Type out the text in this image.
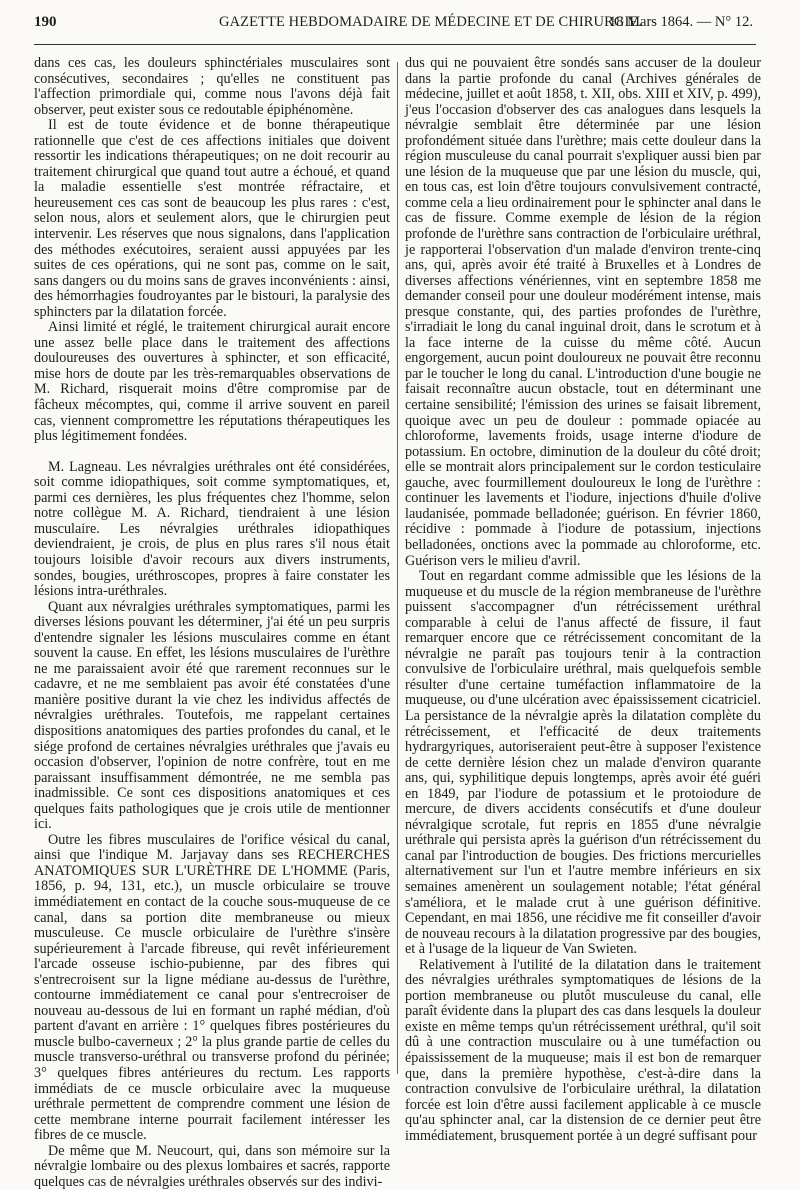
190	GAZETTE HEBDOMADAIRE DE MÉDECINE ET DE CHIRURGIE.
18 Mars 1864. — N° 12.

dans ces cas, les douleurs sphinctériales musculaires sont consécutives, secondaires ; qu'elles ne constituent pas l'affection primordiale qui, comme nous l'avons déjà fait observer, peut exister sous ce redoutable épiphénomène.

Il est de toute évidence et de bonne thérapeutique rationnelle que c'est de ces affections initiales que doivent ressortir les indications thérapeutiques; on ne doit recourir au traitement chirurgical que quand tout autre a échoué, et quand la maladie essentielle s'est montrée réfractaire, et heureusement ces cas sont de beaucoup les plus rares : c'est, selon nous, alors et seulement alors, que le chirurgien peut intervenir. Les réserves que nous signalons, dans l'application des méthodes exécutoires, seraient aussi appuyées par les suites de ces opérations, qui ne sont pas, comme on le sait, sans dangers ou du moins sans de graves inconvénients : ainsi, des hémorrhagies foudroyantes par le bistouri, la paralysie des sphincters par la dilatation forcée.

Ainsi limité et réglé, le traitement chirurgical aurait encore une assez belle place dans le traitement des affections douloureuses des ouvertures à sphincter, et son efficacité, mise hors de doute par les très-remarquables observations de M. Richard, risquerait moins d'être compromise par de fâcheux mécomptes, qui, comme il arrive souvent en pareil cas, viennent compromettre les réputations thérapeutiques les plus légitimement fondées.

M. Lagneau. Les névralgies uréthrales ont été considérées, soit comme idiopathiques, soit comme symptomatiques, et, parmi ces dernières, les plus fréquentes chez l'homme, selon notre collègue M. A. Richard, tiendraient à une lésion musculaire. Les névralgies uréthrales idiopathiques deviendraient, je crois, de plus en plus rares s'il nous était toujours loisible d'avoir recours aux divers instruments, sondes, bougies, uréthroscopes, propres à faire constater les lésions intra-uréthrales.

Quant aux névralgies uréthrales symptomatiques, parmi les diverses lésions pouvant les déterminer, j'ai été un peu surpris d'entendre signaler les lésions musculaires comme en étant souvent la cause. En effet, les lésions musculaires de l'urèthre ne me paraissaient avoir été que rarement reconnues sur le cadavre, et ne me semblaient pas avoir été constatées d'une manière positive durant la vie chez les individus affectés de névralgies uréthrales. Toutefois, me rappelant certaines dispositions anatomiques des parties profondes du canal, et le siége profond de certaines névralgies uréthrales que j'avais eu occasion d'observer, l'opinion de notre confrère, tout en me paraissant insuffisamment démontrée, ne me sembla pas inadmissible. Ce sont ces dispositions anatomiques et ces quelques faits pathologiques que je crois utile de mentionner ici.

Outre les fibres musculaires de l'orifice vésical du canal, ainsi que l'indique M. Jarjavay dans ses RECHERCHES ANATOMIQUES SUR L'URÈTHRE DE L'HOMME (Paris, 1856, p. 94, 131, etc.), un muscle orbiculaire se trouve immédiatement en contact de la couche sous-muqueuse de ce canal, dans sa portion dite membraneuse ou mieux musculeuse. Ce muscle orbiculaire de l'urèthre s'insère supérieurement à l'arcade fibreuse, qui revêt inférieurement l'arcade osseuse ischio-pubienne, par des fibres qui s'entrecroisent sur la ligne médiane au-dessus de l'urèthre, contourne immédiatement ce canal pour s'entrecroiser de nouveau au-dessous de lui en formant un raphé médian, d'où partent d'avant en arrière : 1° quelques fibres postérieures du muscle bulbo-caverneux ; 2° la plus grande partie de celles du muscle transverso-uréthral ou transverse profond du périnée; 3° quelques fibres antérieures du rectum. Les rapports immédiats de ce muscle orbiculaire avec la muqueuse uréthrale permettent de comprendre comment une lésion de cette membrane interne pourrait facilement intéresser les fibres de ce muscle.

De même que M. Neucourt, qui, dans son mémoire sur la névralgie lombaire ou des plexus lombaires et sacrés, rapporte quelques cas de névralgies uréthrales observés sur des indivi-

dus qui ne pouvaient être sondés sans accuser de la douleur dans la partie profonde du canal (Archives générales de médecine, juillet et août 1858, t. XII, obs. XIII et XIV, p. 499), j'eus l'occasion d'observer des cas analogues dans lesquels la névralgie semblait être déterminée par une lésion profondément située dans l'urèthre; mais cette douleur dans la région musculeuse du canal pourrait s'expliquer aussi bien par une lésion de la muqueuse que par une lésion du muscle, qui, en tous cas, est loin d'être toujours convulsivement contracté, comme cela a lieu ordinairement pour le sphincter anal dans le cas de fissure. Comme exemple de lésion de la région profonde de l'urèthre sans contraction de l'orbiculaire uréthral, je rapporterai l'observation d'un malade d'environ trente-cinq ans, qui, après avoir été traité à Bruxelles et à Londres de diverses affections vénériennes, vint en septembre 1858 me demander conseil pour une douleur modérément intense, mais presque constante, qui, des parties profondes de l'urèthre, s'irradiait le long du canal inguinal droit, dans le scrotum et à la face interne de la cuisse du même côté. Aucun engorgement, aucun point douloureux ne pouvait être reconnu par le toucher le long du canal. L'introduction d'une bougie ne faisait reconnaître aucun obstacle, tout en déterminant une certaine sensibilité; l'émission des urines se faisait librement, quoique avec un peu de douleur : pommade opiacée au chloroforme, lavements froids, usage interne d'iodure de potassium. En octobre, diminution de la douleur du côté droit; elle se montrait alors principalement sur le cordon testiculaire gauche, avec fourmillement douloureux le long de l'urèthre : continuer les lavements et l'iodure, injections d'huile d'olive laudanisée, pommade belladonée; guérison. En février 1860, récidive : pommade à l'iodure de potassium, injections belladonées, onctions avec la pommade au chloroforme, etc. Guérison vers le milieu d'avril.

Tout en regardant comme admissible que les lésions de la muqueuse et du muscle de la région membraneuse de l'urèthre puissent s'accompagner d'un rétrécissement uréthral comparable à celui de l'anus affecté de fissure, il faut remarquer encore que ce rétrécissement concomitant de la névralgie ne paraît pas toujours tenir à la contraction convulsive de l'orbiculaire uréthral, mais quelquefois semble résulter d'une certaine tuméfaction inflammatoire de la muqueuse, ou d'une ulcération avec épaississement cicatriciel. La persistance de la névralgie après la dilatation complète du rétrécissement, et l'efficacité de deux traitements hydrargyriques, autoriseraient peut-être à supposer l'existence de cette dernière lésion chez un malade d'environ quarante ans, qui, syphilitique depuis longtemps, après avoir été guéri en 1849, par l'iodure de potassium et le protoiodure de mercure, de divers accidents consécutifs et d'une douleur névralgique scrotale, fut repris en 1855 d'une névralgie uréthrale qui persista après la guérison d'un rétrécissement du canal par l'introduction de bougies. Des frictions mercurielles alternativement sur l'un et l'autre membre inférieurs en six semaines amenèrent un soulagement notable; l'état général s'améliora, et le malade crut à une guérison définitive. Cependant, en mai 1856, une récidive me fit conseiller d'avoir de nouveau recours à la dilatation progressive par des bougies, et à l'usage de la liqueur de Van Swieten.

Relativement à l'utilité de la dilatation dans le traitement des névralgies uréthrales symptomatiques de lésions de la portion membraneuse ou plutôt musculeuse du canal, elle paraît évidente dans la plupart des cas dans lesquels la douleur existe en même temps qu'un rétrécissement uréthral, qu'il soit dû à une contraction musculaire ou à une tuméfaction ou épaississement de la muqueuse; mais il est bon de remarquer que, dans la première hypothèse, c'est-à-dire dans la contraction convulsive de l'orbiculaire uréthral, la dilatation forcée est loin d'être aussi facilement applicable à ce muscle qu'au sphincter anal, car la distension de ce dernier peut être immédiatement, brusquement portée à un degré suffisant pour
